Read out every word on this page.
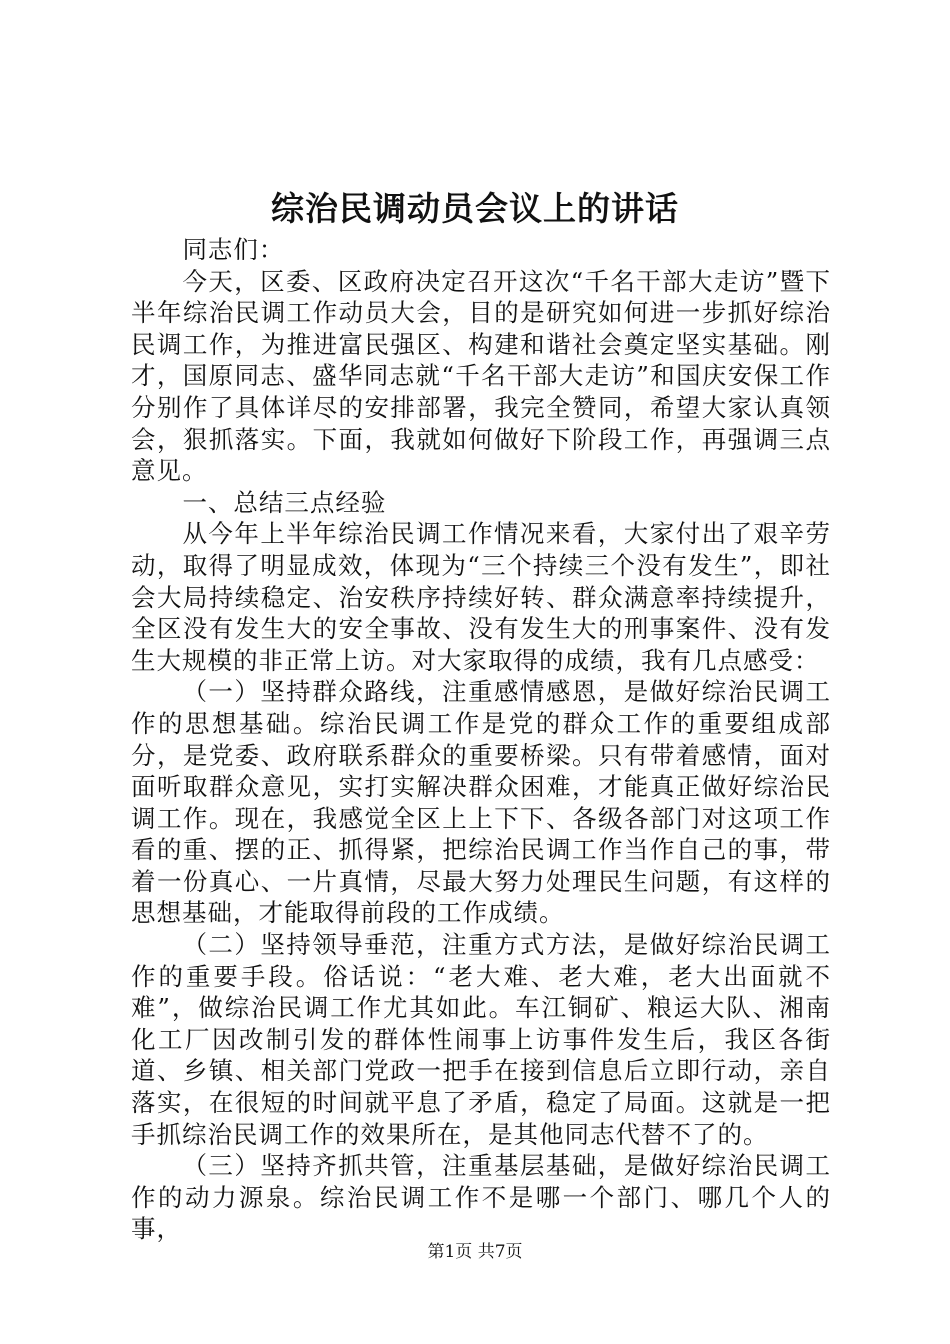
综治民调动员会议上的讲话

同志们：

今天，区委、区政府决定召开这次“千名干部大走访”暨下半年综治民调工作动员大会，目的是研究如何进一步抓好综治民调工作，为推进富民强区、构建和谐社会奠定坚实基础。刚才，国原同志、盛华同志就“千名干部大走访”和国庆安保工作分别作了具体详尽的安排部署，我完全赞同，希望大家认真领会，狠抓落实。下面，我就如何做好下阶段工作，再强调三点意见。

一、总结三点经验

从今年上半年综治民调工作情况来看，大家付出了艰辛劳动，取得了明显成效，体现为“三个持续三个没有发生”，即社会大局持续稳定、治安秩序持续好转、群众满意率持续提升，全区没有发生大的安全事故、没有发生大的刑事案件、没有发生大规模的非正常上访。对大家取得的成绩，我有几点感受：

（一）坚持群众路线，注重感情感恩，是做好综治民调工作的思想基础。综治民调工作是党的群众工作的重要组成部分，是党委、政府联系群众的重要桥梁。只有带着感情，面对面听取群众意见，实打实解决群众困难，才能真正做好综治民调工作。现在，我感觉全区上上下下、各级各部门对这项工作看的重、摆的正、抓得紧，把综治民调工作当作自己的事，带着一份真心、一片真情，尽最大努力处理民生问题，有这样的思想基础，才能取得前段的工作成绩。

（二）坚持领导垂范，注重方式方法，是做好综治民调工作的重要手段。俗话说：“老大难、老大难，老大出面就不难”，做综治民调工作尤其如此。车江铜矿、粮运大队、湘南化工厂因改制引发的群体性闹事上访事件发生后，我区各街道、乡镇、相关部门党政一把手在接到信息后立即行动，亲自落实，在很短的时间就平息了矛盾，稳定了局面。这就是一把手抓综治民调工作的效果所在，是其他同志代替不了的。

（三）坚持齐抓共管，注重基层基础，是做好综治民调工作的动力源泉。综治民调工作不是哪一个部门、哪几个人的事，

第1页 共7页
